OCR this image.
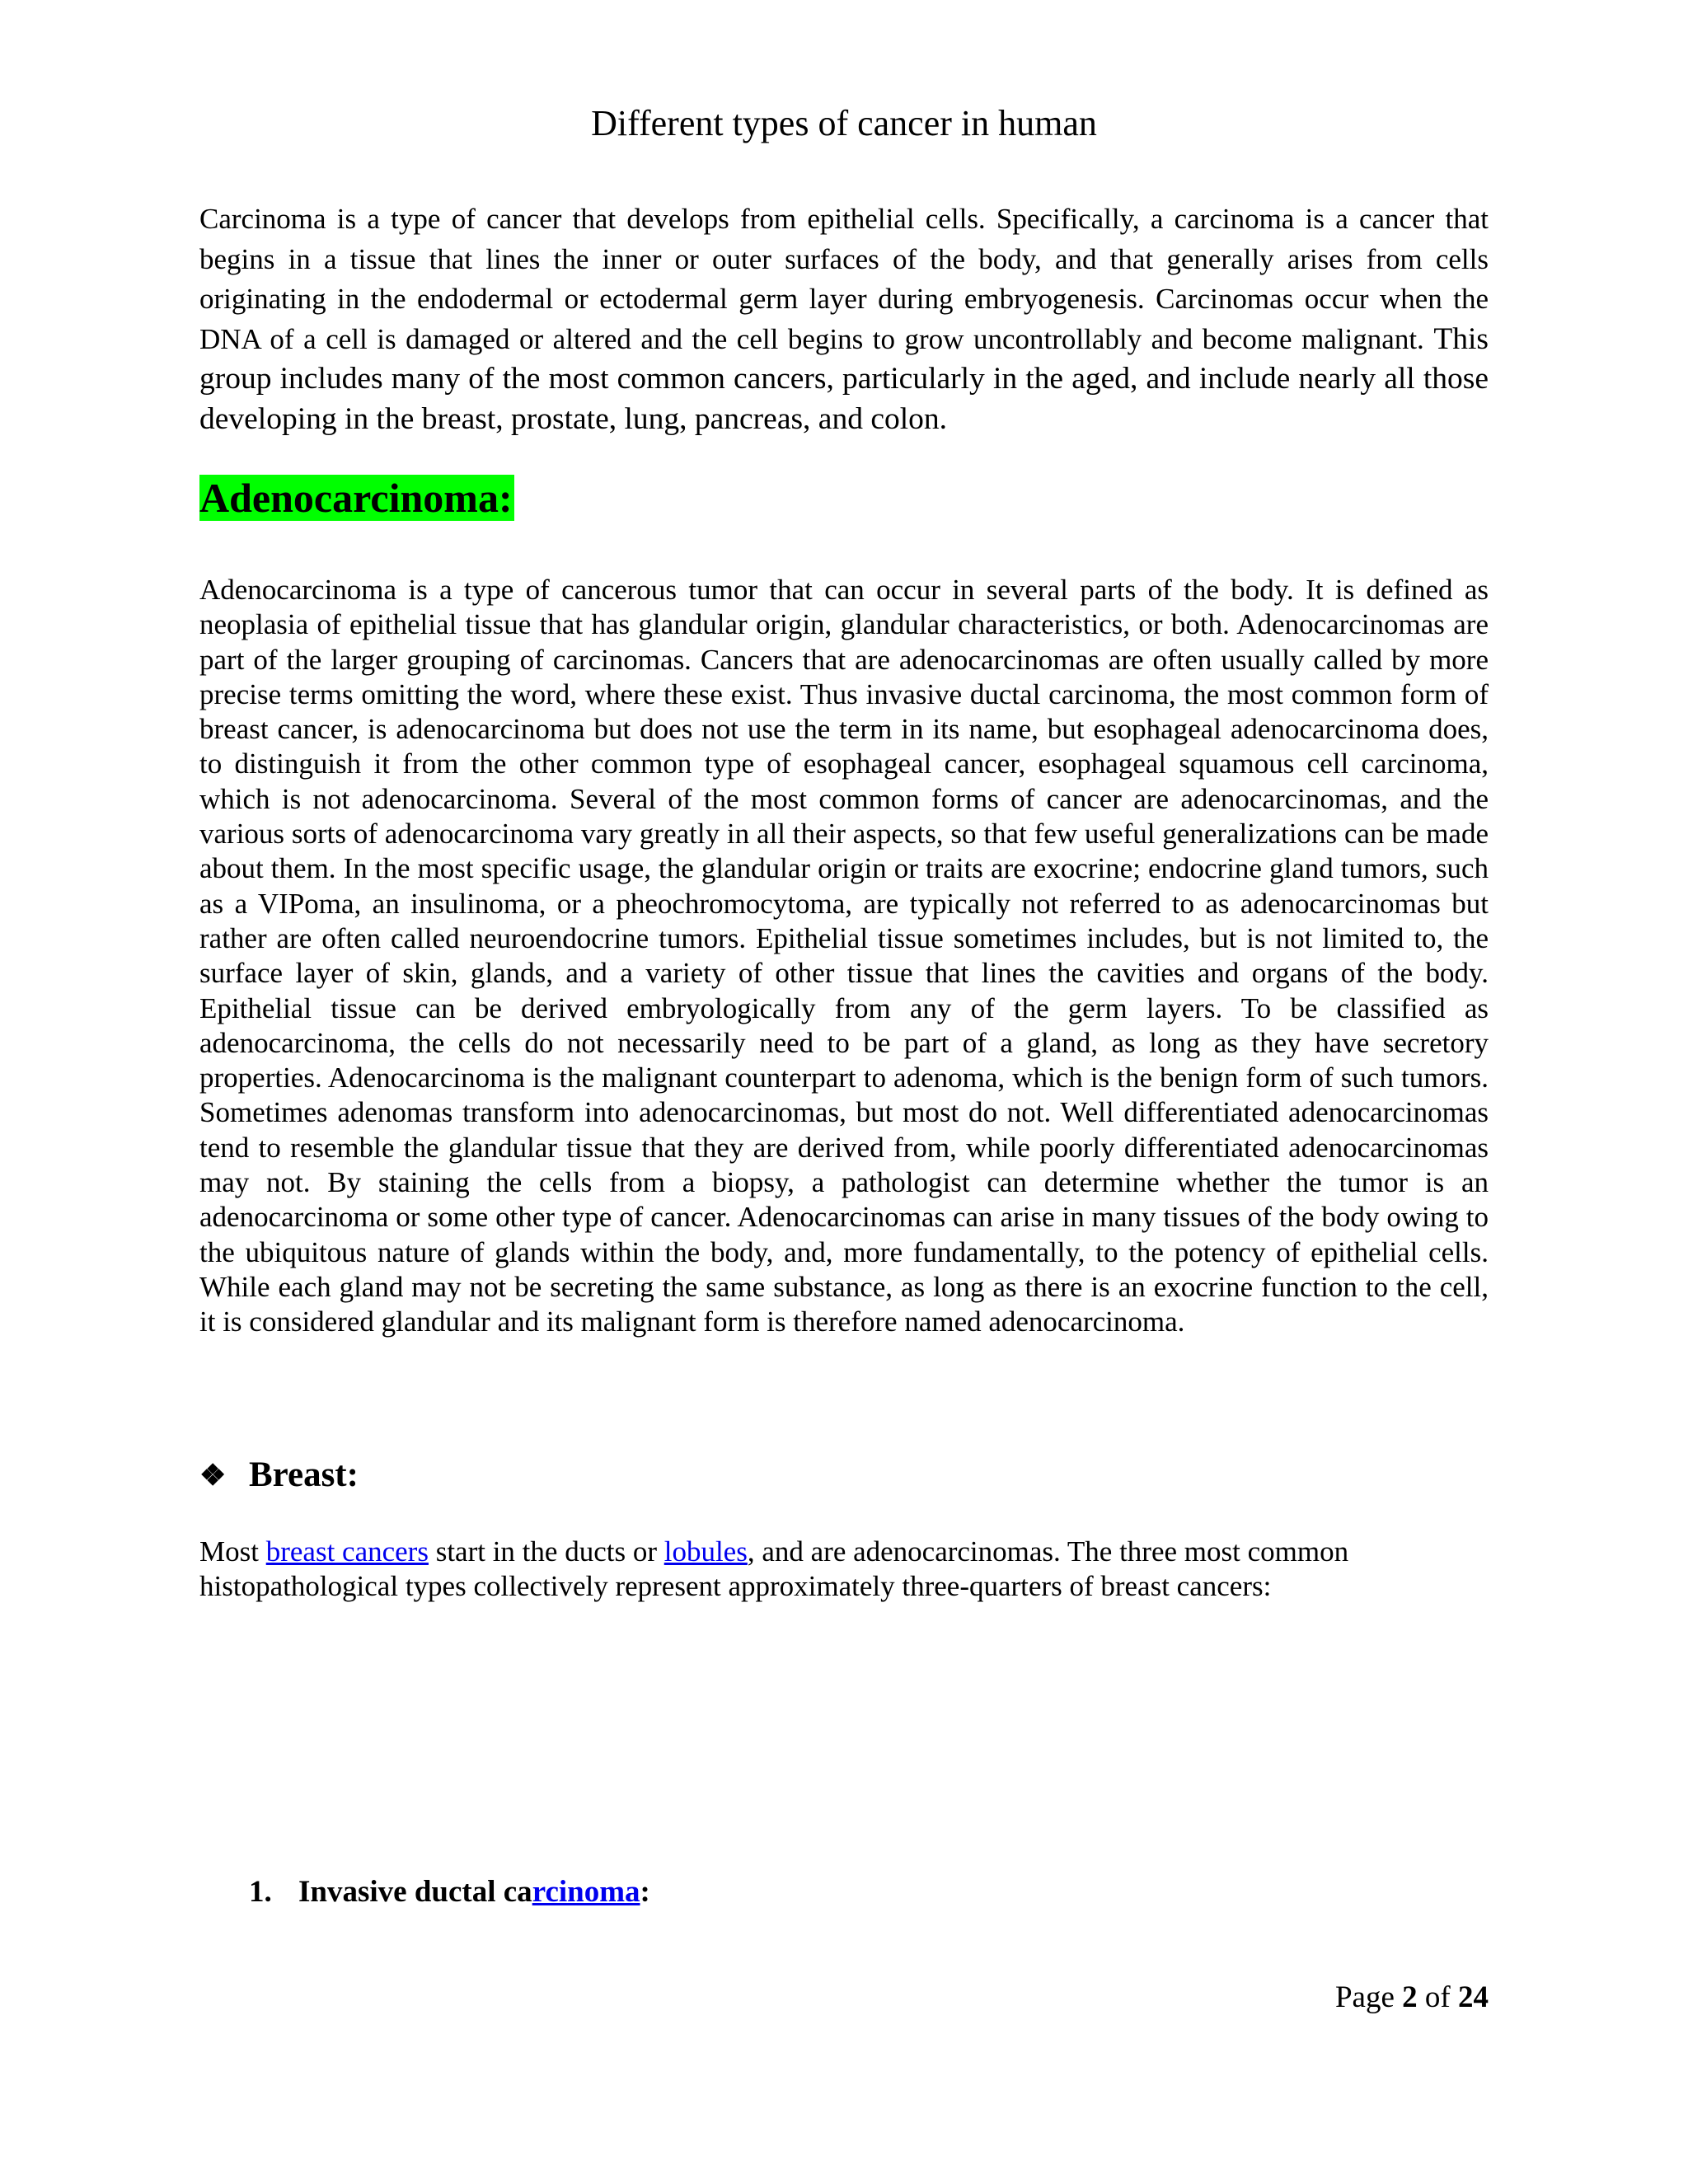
Different types of cancer in human
Carcinoma is a type of cancer that develops from epithelial cells. Specifically, a carcinoma is a cancer that begins in a tissue that lines the inner or outer surfaces of the body, and that generally arises from cells originating in the endodermal or ectodermal germ layer during embryogenesis. Carcinomas occur when the DNA of a cell is damaged or altered and the cell begins to grow uncontrollably and become malignant. This group includes many of the most common cancers, particularly in the aged, and include nearly all those developing in the breast, prostate, lung, pancreas, and colon.
Adenocarcinoma:
Adenocarcinoma is a type of cancerous tumor that can occur in several parts of the body. It is defined as neoplasia of epithelial tissue that has glandular origin, glandular characteristics, or both. Adenocarcinomas are part of the larger grouping of carcinomas. Cancers that are adenocarcinomas are often usually called by more precise terms omitting the word, where these exist. Thus invasive ductal carcinoma, the most common form of breast cancer, is adenocarcinoma but does not use the term in its name, but esophageal adenocarcinoma does, to distinguish it from the other common type of esophageal cancer, esophageal squamous cell carcinoma, which is not adenocarcinoma. Several of the most common forms of cancer are adenocarcinomas, and the various sorts of adenocarcinoma vary greatly in all their aspects, so that few useful generalizations can be made about them. In the most specific usage, the glandular origin or traits are exocrine; endocrine gland tumors, such as a VIPoma, an insulinoma, or a pheochromocytoma, are typically not referred to as adenocarcinomas but rather are often called neuroendocrine tumors. Epithelial tissue sometimes includes, but is not limited to, the surface layer of skin, glands, and a variety of other tissue that lines the cavities and organs of the body. Epithelial tissue can be derived embryologically from any of the germ layers. To be classified as adenocarcinoma, the cells do not necessarily need to be part of a gland, as long as they have secretory properties. Adenocarcinoma is the malignant counterpart to adenoma, which is the benign form of such tumors. Sometimes adenomas transform into adenocarcinomas, but most do not. Well differentiated adenocarcinomas tend to resemble the glandular tissue that they are derived from, while poorly differentiated adenocarcinomas may not. By staining the cells from a biopsy, a pathologist can determine whether the tumor is an adenocarcinoma or some other type of cancer. Adenocarcinomas can arise in many tissues of the body owing to the ubiquitous nature of glands within the body, and, more fundamentally, to the potency of epithelial cells. While each gland may not be secreting the same substance, as long as there is an exocrine function to the cell, it is considered glandular and its malignant form is therefore named adenocarcinoma.
❖ Breast:
Most breast cancers start in the ducts or lobules, and are adenocarcinomas. The three most common histopathological types collectively represent approximately three-quarters of breast cancers:
1. Invasive ductal carcinoma:
Page 2 of 24
